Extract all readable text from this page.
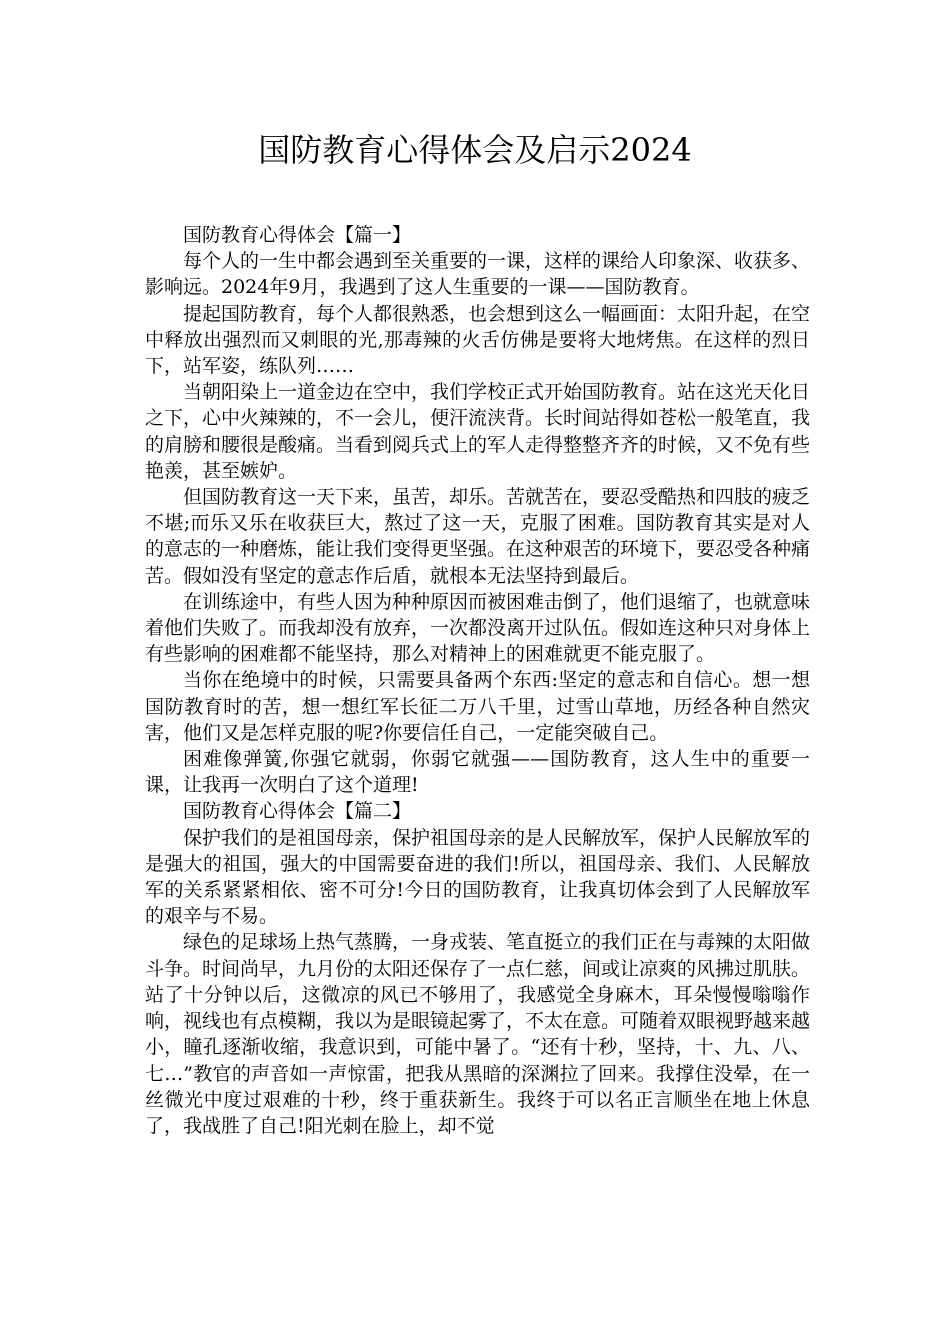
国防教育心得体会及启示2024

国防教育心得体会【篇一】

每个人的一生中都会遇到至关重要的一课，这样的课给人印象深、收获多、影响远。2024年9月，我遇到了这人生重要的一课——国防教育。

提起国防教育，每个人都很熟悉，也会想到这么一幅画面：太阳升起，在空中释放出强烈而又刺眼的光,那毒辣的火舌仿佛是要将大地烤焦。在这样的烈日下，站军姿，练队列……

当朝阳染上一道金边在空中，我们学校正式开始国防教育。站在这光天化日之下，心中火辣辣的，不一会儿，便汗流浃背。长时间站得如苍松一般笔直，我的肩膀和腰很是酸痛。当看到阅兵式上的军人走得整整齐齐的时候，又不免有些艳羡，甚至嫉妒。

但国防教育这一天下来，虽苦，却乐。苦就苦在，要忍受酷热和四肢的疲乏不堪;而乐又乐在收获巨大，熬过了这一天，克服了困难。国防教育其实是对人的意志的一种磨炼，能让我们变得更坚强。在这种艰苦的环境下，要忍受各种痛苦。假如没有坚定的意志作后盾，就根本无法坚持到最后。

在训练途中，有些人因为种种原因而被困难击倒了，他们退缩了，也就意味着他们失败了。而我却没有放弃，一次都没离开过队伍。假如连这种只对身体上有些影响的困难都不能坚持，那么对精神上的困难就更不能克服了。

当你在绝境中的时候，只需要具备两个东西:坚定的意志和自信心。想一想国防教育时的苦，想一想红军长征二万八千里，过雪山草地，历经各种自然灾害，他们又是怎样克服的呢?你要信任自己，一定能突破自己。

困难像弹簧,你强它就弱，你弱它就强——国防教育，这人生中的重要一课，让我再一次明白了这个道理!

国防教育心得体会【篇二】

保护我们的是祖国母亲，保护祖国母亲的是人民解放军，保护人民解放军的是强大的祖国，强大的中国需要奋进的我们!所以，祖国母亲、我们、人民解放军的关系紧紧相依、密不可分!今日的国防教育，让我真切体会到了人民解放军的艰辛与不易。

绿色的足球场上热气蒸腾，一身戎装、笔直挺立的我们正在与毒辣的太阳做斗争。时间尚早，九月份的太阳还保存了一点仁慈，间或让凉爽的风拂过肌肤。站了十分钟以后，这微凉的风已不够用了，我感觉全身麻木，耳朵慢慢嗡嗡作响，视线也有点模糊，我以为是眼镜起雾了，不太在意。可随着双眼视野越来越小，瞳孔逐渐收缩，我意识到，可能中暑了。“还有十秒，坚持，十、九、八、七…”教官的声音如一声惊雷，把我从黑暗的深渊拉了回来。我撑住没晕，在一丝微光中度过艰难的十秒，终于重获新生。我终于可以名正言顺坐在地上休息了，我战胜了自己!阳光刺在脸上，却不觉
